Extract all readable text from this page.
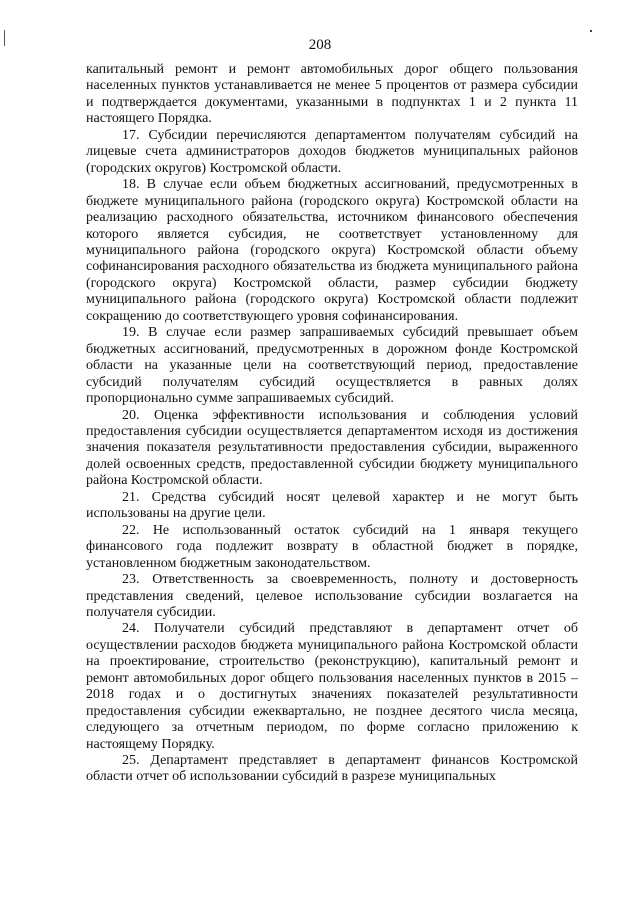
208

капитальный ремонт и ремонт автомобильных дорог общего пользования населенных пунктов устанавливается не менее 5 процентов от размера субсидии и подтверждается документами, указанными в подпунктах 1 и 2 пункта 11 настоящего Порядка.

17. Субсидии перечисляются департаментом получателям субсидий на лицевые счета администраторов доходов бюджетов муниципальных районов (городских округов) Костромской области.

18. В случае если объем бюджетных ассигнований, предусмотренных в бюджете муниципального района (городского округа) Костромской области на реализацию расходного обязательства, источником финансового обеспечения которого является субсидия, не соответствует установленному для муниципального района (городского округа) Костромской области объему софинансирования расходного обязательства из бюджета муниципального района (городского округа) Костромской области, размер субсидии бюджету муниципального района (городского округа) Костромской области подлежит сокращению до соответствующего уровня софинансирования.

19. В случае если размер запрашиваемых субсидий превышает объем бюджетных ассигнований, предусмотренных в дорожном фонде Костромской области на указанные цели на соответствующий период, предоставление субсидий получателям субсидий осуществляется в равных долях пропорционально сумме запрашиваемых субсидий.

20. Оценка эффективности использования и соблюдения условий предоставления субсидии осуществляется департаментом исходя из достижения значения показателя результативности предоставления субсидии, выраженного долей освоенных средств, предоставленной субсидии бюджету муниципального района Костромской области.

21. Средства субсидий носят целевой характер и не могут быть использованы на другие цели.

22. Не использованный остаток субсидий на 1 января текущего финансового года подлежит возврату в областной бюджет в порядке, установленном бюджетным законодательством.

23. Ответственность за своевременность, полноту и достоверность представления сведений, целевое использование субсидии возлагается на получателя субсидии.

24. Получатели субсидий представляют в департамент отчет об осуществлении расходов бюджета муниципального района Костромской области на проектирование, строительство (реконструкцию), капитальный ремонт и ремонт автомобильных дорог общего пользования населенных пунктов в 2015 – 2018 годах и о достигнутых значениях показателей результативности предоставления субсидии ежеквартально, не позднее десятого числа месяца, следующего за отчетным периодом, по форме согласно приложению к настоящему Порядку.

25. Департамент представляет в департамент финансов Костромской области отчет об использовании субсидий в разрезе муниципальных
